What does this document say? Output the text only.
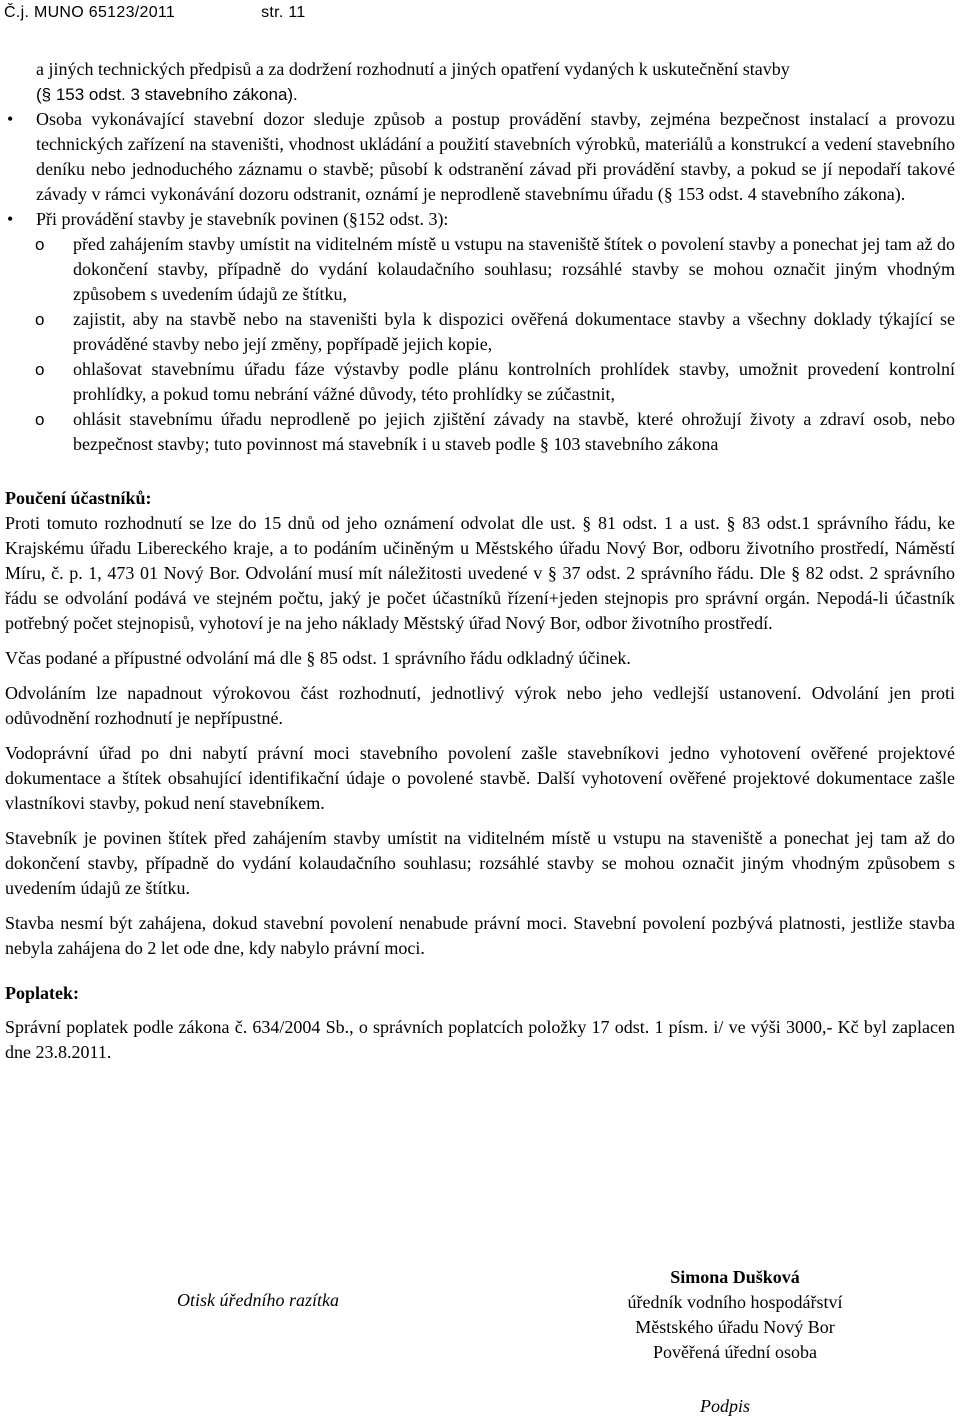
Č.j. MUNO 65123/2011	str. 11

a jiných technických předpisů a za dodržení rozhodnutí a jiných opatření vydaných k uskutečnění stavby

(§ 153 odst. 3 stavebního zákona).

• Osoba vykonávající stavební dozor sleduje způsob a postup provádění stavby, zejména bezpečnost instalací a provozu technických zařízení na staveništi, vhodnost ukládání a použití stavebních výrobků, materiálů a konstrukcí a vedení stavebního deníku nebo jednoduchého záznamu o stavbě; působí k odstranění závad při provádění stavby, a pokud se jí nepodaří takové závady v rámci vykonávání dozoru odstranit, oznámí je neprodleně stavebnímu úřadu (§ 153 odst. 4 stavebního zákona).

• Při provádění stavby je stavebník povinen (§152 odst. 3):

o před zahájením stavby umístit na viditelném místě u vstupu na staveniště štítek o povolení stavby a ponechat jej tam až do dokončení stavby, případně do vydání kolaudačního souhlasu; rozsáhlé stavby se mohou označit jiným vhodným způsobem s uvedením údajů ze štítku,

o zajistit, aby na stavbě nebo na staveništi byla k dispozici ověřená dokumentace stavby a všechny doklady týkající se prováděné stavby nebo její změny, popřípadě jejich kopie,

o ohlašovat stavebnímu úřadu fáze výstavby podle plánu kontrolních prohlídek stavby, umožnit provedení kontrolní prohlídky, a pokud tomu nebrání vážné důvody, této prohlídky se zúčastnit,

o ohlásit stavebnímu úřadu neprodleně po jejich zjištění závady na stavbě, které ohrožují životy a zdraví osob, nebo bezpečnost stavby; tuto povinnost má stavebník i u staveb podle § 103 stavebního zákona

Poučení účastníků:

Proti tomuto rozhodnutí se lze do 15 dnů od jeho oznámení odvolat dle ust. § 81 odst. 1 a ust. § 83 odst.1 správního řádu, ke Krajskému úřadu Libereckého kraje, a to podáním učiněným u Městského úřadu Nový Bor, odboru životního prostředí, Náměstí Míru, č. p. 1, 473 01 Nový Bor. Odvolání musí mít náležitosti uvedené v § 37 odst. 2 správního řádu. Dle § 82 odst. 2 správního řádu se odvolání podává ve stejném počtu, jaký je počet účastníků řízení+jeden stejnopis pro správní orgán. Nepodá-li účastník potřebný počet stejnopisů, vyhotoví je na jeho náklady Městský úřad Nový Bor, odbor životního prostředí.

Včas podané a přípustné odvolání má dle § 85 odst. 1 správního řádu odkladný účinek.

Odvoláním lze napadnout výrokovou část rozhodnutí, jednotlivý výrok nebo jeho vedlejší ustanovení. Odvolání jen proti odůvodnění rozhodnutí je nepřípustné.

Vodoprávní úřad po dni nabytí právní moci stavebního povolení zašle stavebníkovi jedno vyhotovení ověřené projektové dokumentace a štítek obsahující identifikační údaje o povolené stavbě. Další vyhotovení ověřené projektové dokumentace zašle vlastníkovi stavby, pokud není stavebníkem.

Stavebník je povinen štítek před zahájením stavby umístit na viditelném místě u vstupu na staveniště a ponechat jej tam až do dokončení stavby, případně do vydání kolaudačního souhlasu; rozsáhlé stavby se mohou označit jiným vhodným způsobem s uvedením údajů ze štítku.

Stavba nesmí být zahájena, dokud stavební povolení nenabude právní moci. Stavební povolení pozbývá platnosti, jestliže stavba nebyla zahájena do 2 let ode dne, kdy nabylo právní moci.

Poplatek:

Správní poplatek podle zákona č. 634/2004 Sb., o správních poplatcích položky 17 odst. 1 písm. i/ ve výši 3000,- Kč byl zaplacen dne 23.8.2011.

Otisk úředního razítka
Simona Dušková
úředník vodního hospodářství
Městského úřadu Nový Bor
Pověřená úřední osoba
Podpis
